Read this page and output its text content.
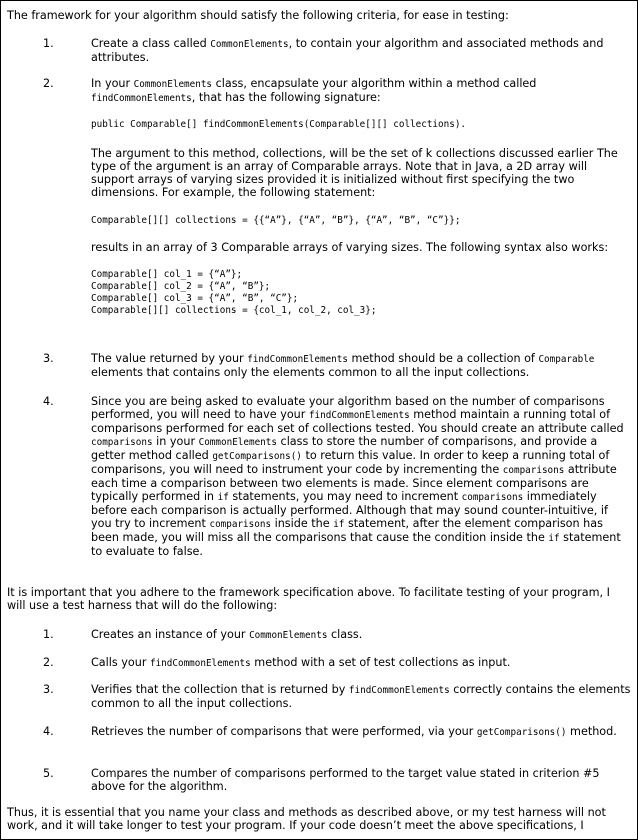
The framework for your algorithm should satisfy the following criteria, for ease in testing:
1.	Create a class called CommonElements, to contain your algorithm and associated methods and attributes.
2.	In your CommonElements class, encapsulate your algorithm within a method called findCommonElements, that has the following signature:
public Comparable[] findCommonElements(Comparable[][] collections).
The argument to this method, collections, will be the set of k collections discussed earlier The type of the argument is an array of Comparable arrays. Note that in Java, a 2D array will support arrays of varying sizes provided it is initialized without first specifying the two dimensions. For example, the following statement:
Comparable[][] collections = {{“A”}, {“A”, “B”}, {“A”, “B”, “C”}};
results in an array of 3 Comparable arrays of varying sizes. The following syntax also works:
Comparable[] col_1 = {“A”};
Comparable[] col_2 = {“A”, “B”};
Comparable[] col_3 = {“A”, “B”, “C”};
Comparable[][] collections = {col_1, col_2, col_3};
3.	The value returned by your findCommonElements method should be a collection of Comparable elements that contains only the elements common to all the input collections.
4.	Since you are being asked to evaluate your algorithm based on the number of comparisons performed, you will need to have your findCommonElements method maintain a running total of comparisons performed for each set of collections tested. You should create an attribute called comparisons in your CommonElements class to store the number of comparisons, and provide a getter method called getComparisons() to return this value. In order to keep a running total of comparisons, you will need to instrument your code by incrementing the comparisons attribute each time a comparison between two elements is made. Since element comparisons are typically performed in if statements, you may need to increment comparisons immediately before each comparison is actually performed. Although that may sound counter-intuitive, if you try to increment comparisons inside the if statement, after the element comparison has been made, you will miss all the comparisons that cause the condition inside the if statement to evaluate to false.
It is important that you adhere to the framework specification above. To facilitate testing of your program, I will use a test harness that will do the following:
1.	Creates an instance of your CommonElements class.
2.	Calls your findCommonElements method with a set of test collections as input.
3.	Verifies that the collection that is returned by findCommonElements correctly contains the elements common to all the input collections.
4.	Retrieves the number of comparisons that were performed, via your getComparisons() method.
5.	Compares the number of comparisons performed to the target value stated in criterion #5 above for the algorithm.
Thus, it is essential that you name your class and methods as described above, or my test harness will not work, and it will take longer to test your program. If your code doesn’t meet the above specifications, I
